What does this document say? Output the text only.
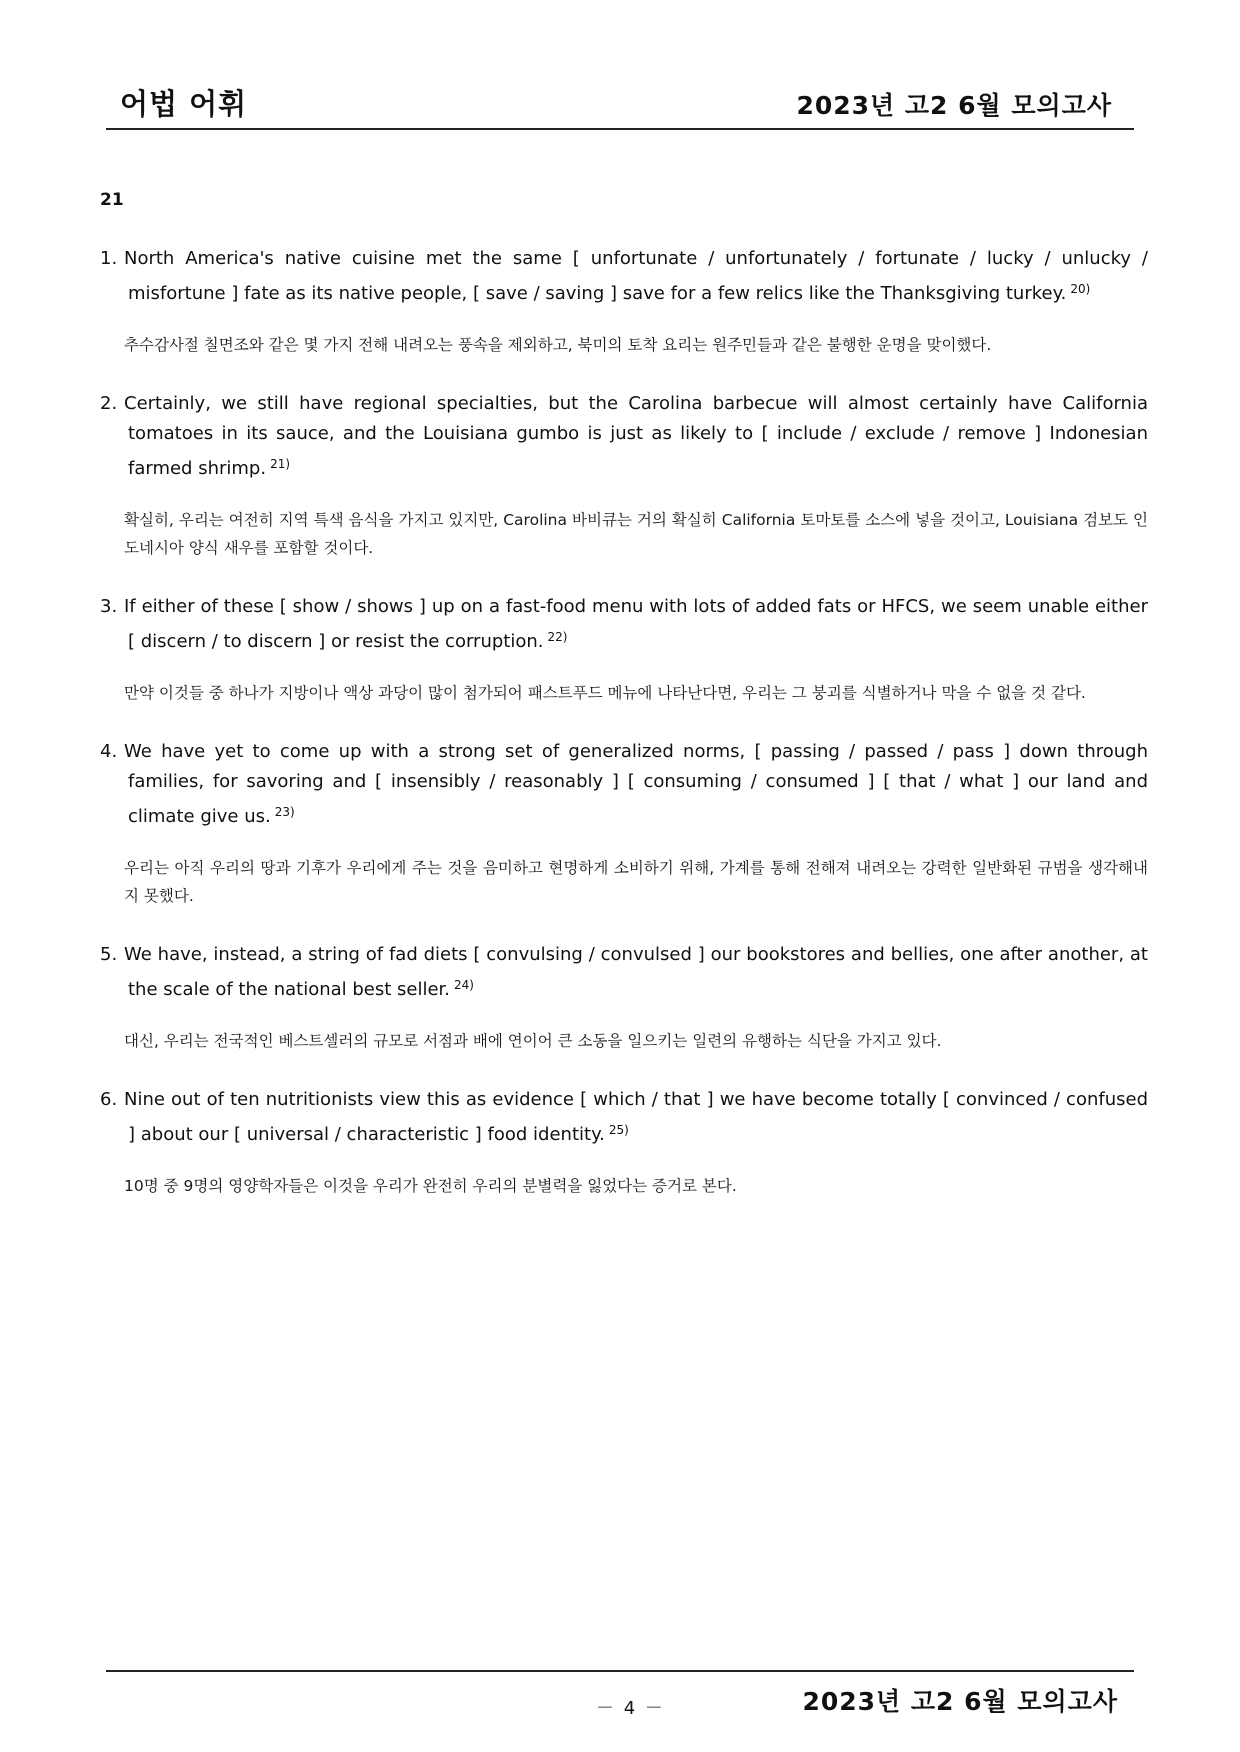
어법 어휘	2023년 고2 6월 모의고사
21

1. North America's native cuisine met the same [ unfortunate / unfortunately / fortunate / lucky / unlucky / misfortune ] fate as its native people, [ save / saving ] save for a few relics like the Thanksgiving turkey. $^{20)}$

추수감사절 칠면조와 같은 몇 가지 전해 내려오는 풍속을 제외하고, 북미의 토착 요리는 원주민들과 같은 불행한 운명을 맞이했다.

2. Certainly, we still have regional specialties, but the Carolina barbecue will almost certainly have California tomatoes in its sauce, and the Louisiana gumbo is just as likely to [ include / exclude / remove ] Indonesian farmed shrimp. $^{21)}$

확실히, 우리는 여전히 지역 특색 음식을 가지고 있지만, Carolina 바비큐는 거의 확실히 California 토마토를 소스에 넣을 것이고, Louisiana 검보도 인도네시아 양식 새우를 포함할 것이다.

3. If either of these [ show / shows ] up on a fast-food menu with lots of added fats or HFCS, we seem unable either [ discern / to discern ] or resist the corruption. $^{22)}$

만약 이것들 중 하나가 지방이나 액상 과당이 많이 첨가되어 패스트푸드 메뉴에 나타난다면, 우리는 그 붕괴를 식별하거나 막을 수 없을 것 같다.

4. We have yet to come up with a strong set of generalized norms, [ passing / passed / pass ] down through families, for savoring and [ insensibly / reasonably ] [ consuming / consumed ] [ that / what ] our land and climate give us. $^{23)}$

우리는 아직 우리의 땅과 기후가 우리에게 주는 것을 음미하고 현명하게 소비하기 위해, 가계를 통해 전해져 내려오는 강력한 일반화된 규범을 생각해내지 못했다.

5. We have, instead, a string of fad diets [ convulsing / convulsed ] our bookstores and bellies, one after another, at the scale of the national best seller. $^{24)}$

대신, 우리는 전국적인 베스트셀러의 규모로 서점과 배에 연이어 큰 소동을 일으키는 일련의 유행하는 식단을 가지고 있다.

6. Nine out of ten nutritionists view this as evidence [ which / that ] we have become totally [ convinced / confused ] about our [ universal / characteristic ] food identity. $^{25)}$

10명 중 9명의 영양학자들은 이것을 우리가 완전히 우리의 분별력을 잃었다는 증거로 본다.

－ 4 －	2023년 고2 6월 모의고사
